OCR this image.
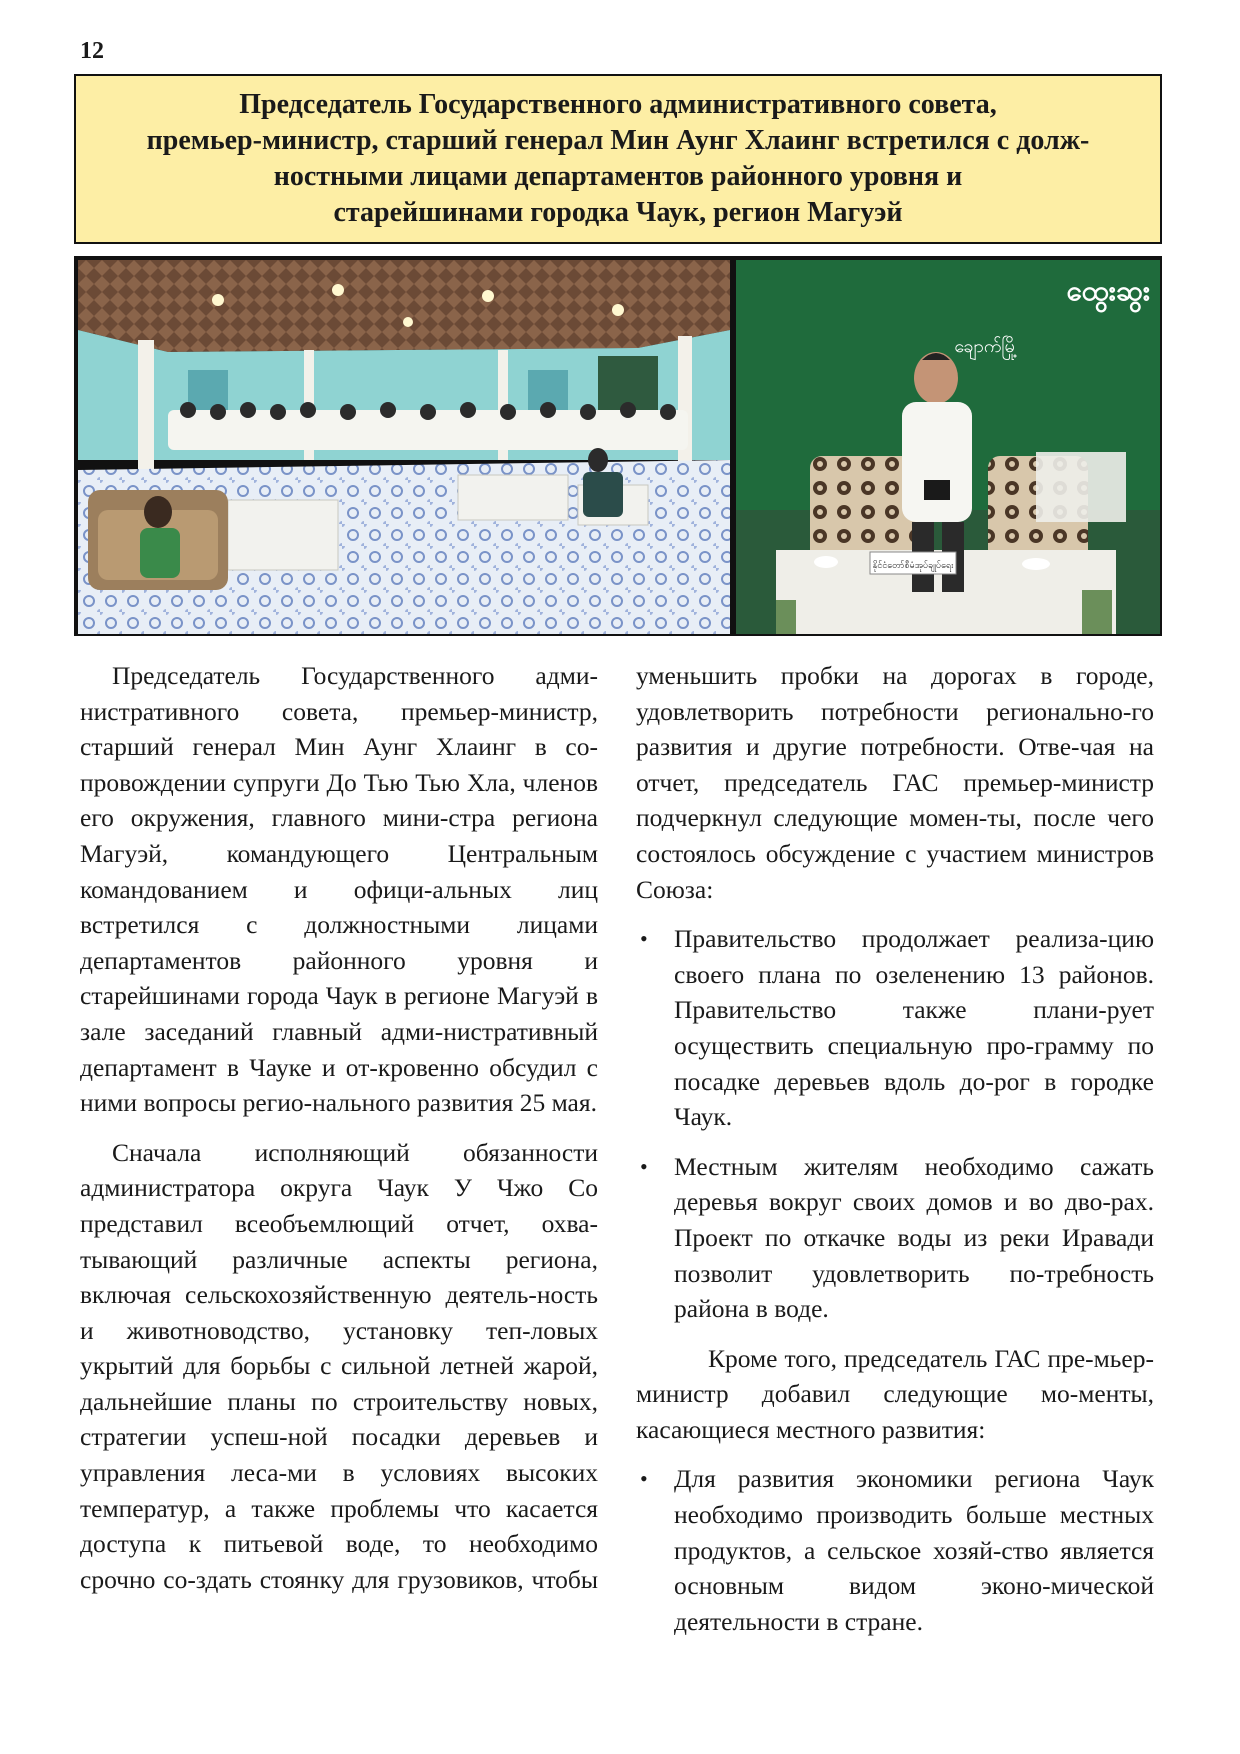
12
Председатель Государственного административного совета,
премьер-министр, старший генерал Мин Аунг Хлаинг встретился с долж-
ностными лицами департаментов районного уровня и
старейшинами городка Чаук, регион Магуэй
ထွေးဆွး
ချောက်မြို့
နိုင်ငံတော်စီမံအုပ်ချုပ်ရေး

Председатель Государственного адми-нистративного совета, премьер-министр, старший генерал Мин Аунг Хлаинг в со-провождении супруги До Тью Тью Хла, членов его окружения, главного мини-стра региона Магуэй, командующего Центральным командованием и офици-альных лиц встретился с должностными лицами департаментов районного уровня и старейшинами города Чаук в регионе Магуэй в зале заседаний главный адми-нистративный департамент в Чауке и от-кровенно обсудил с ними вопросы регио-нального развития 25 мая.

Сначала исполняющий обязанности администратора округа Чаук У Чжо Со представил всеобъемлющий отчет, охва-тывающий различные аспекты региона, включая сельскохозяйственную деятель-ность и животноводство, установку теп-ловых укрытий для борьбы с сильной летней жарой, дальнейшие планы по строительству новых, стратегии успеш-ной посадки деревьев и управления леса-ми в условиях высоких температур, а также проблемы что касается доступа к питьевой воде, то необходимо срочно со-здать стоянку для грузовиков, чтобы

уменьшить пробки на дорогах в городе, удовлетворить потребности регионально-го развития и другие потребности. Отве-чая на отчет, председатель ГАС премьер-министр подчеркнул следующие момен-ты, после чего состоялось обсуждение с участием министров Союза:

• Правительство продолжает реализа-цию своего плана по озеленению 13 районов. Правительство также плани-рует осуществить специальную про-грамму по посадке деревьев вдоль до-рог в городке Чаук.
• Местным жителям необходимо сажать деревья вокруг своих домов и во дво-рах. Проект по откачке воды из реки Иравади позволит удовлетворить по-требность района в воде.

Кроме того, председатель ГАС пре-мьер-министр добавил следующие мо-менты, касающиеся местного развития:

• Для развития экономики региона Чаук необходимо производить больше местных продуктов, а сельское хозяй-ство является основным видом эконо-мической деятельности в стране.
